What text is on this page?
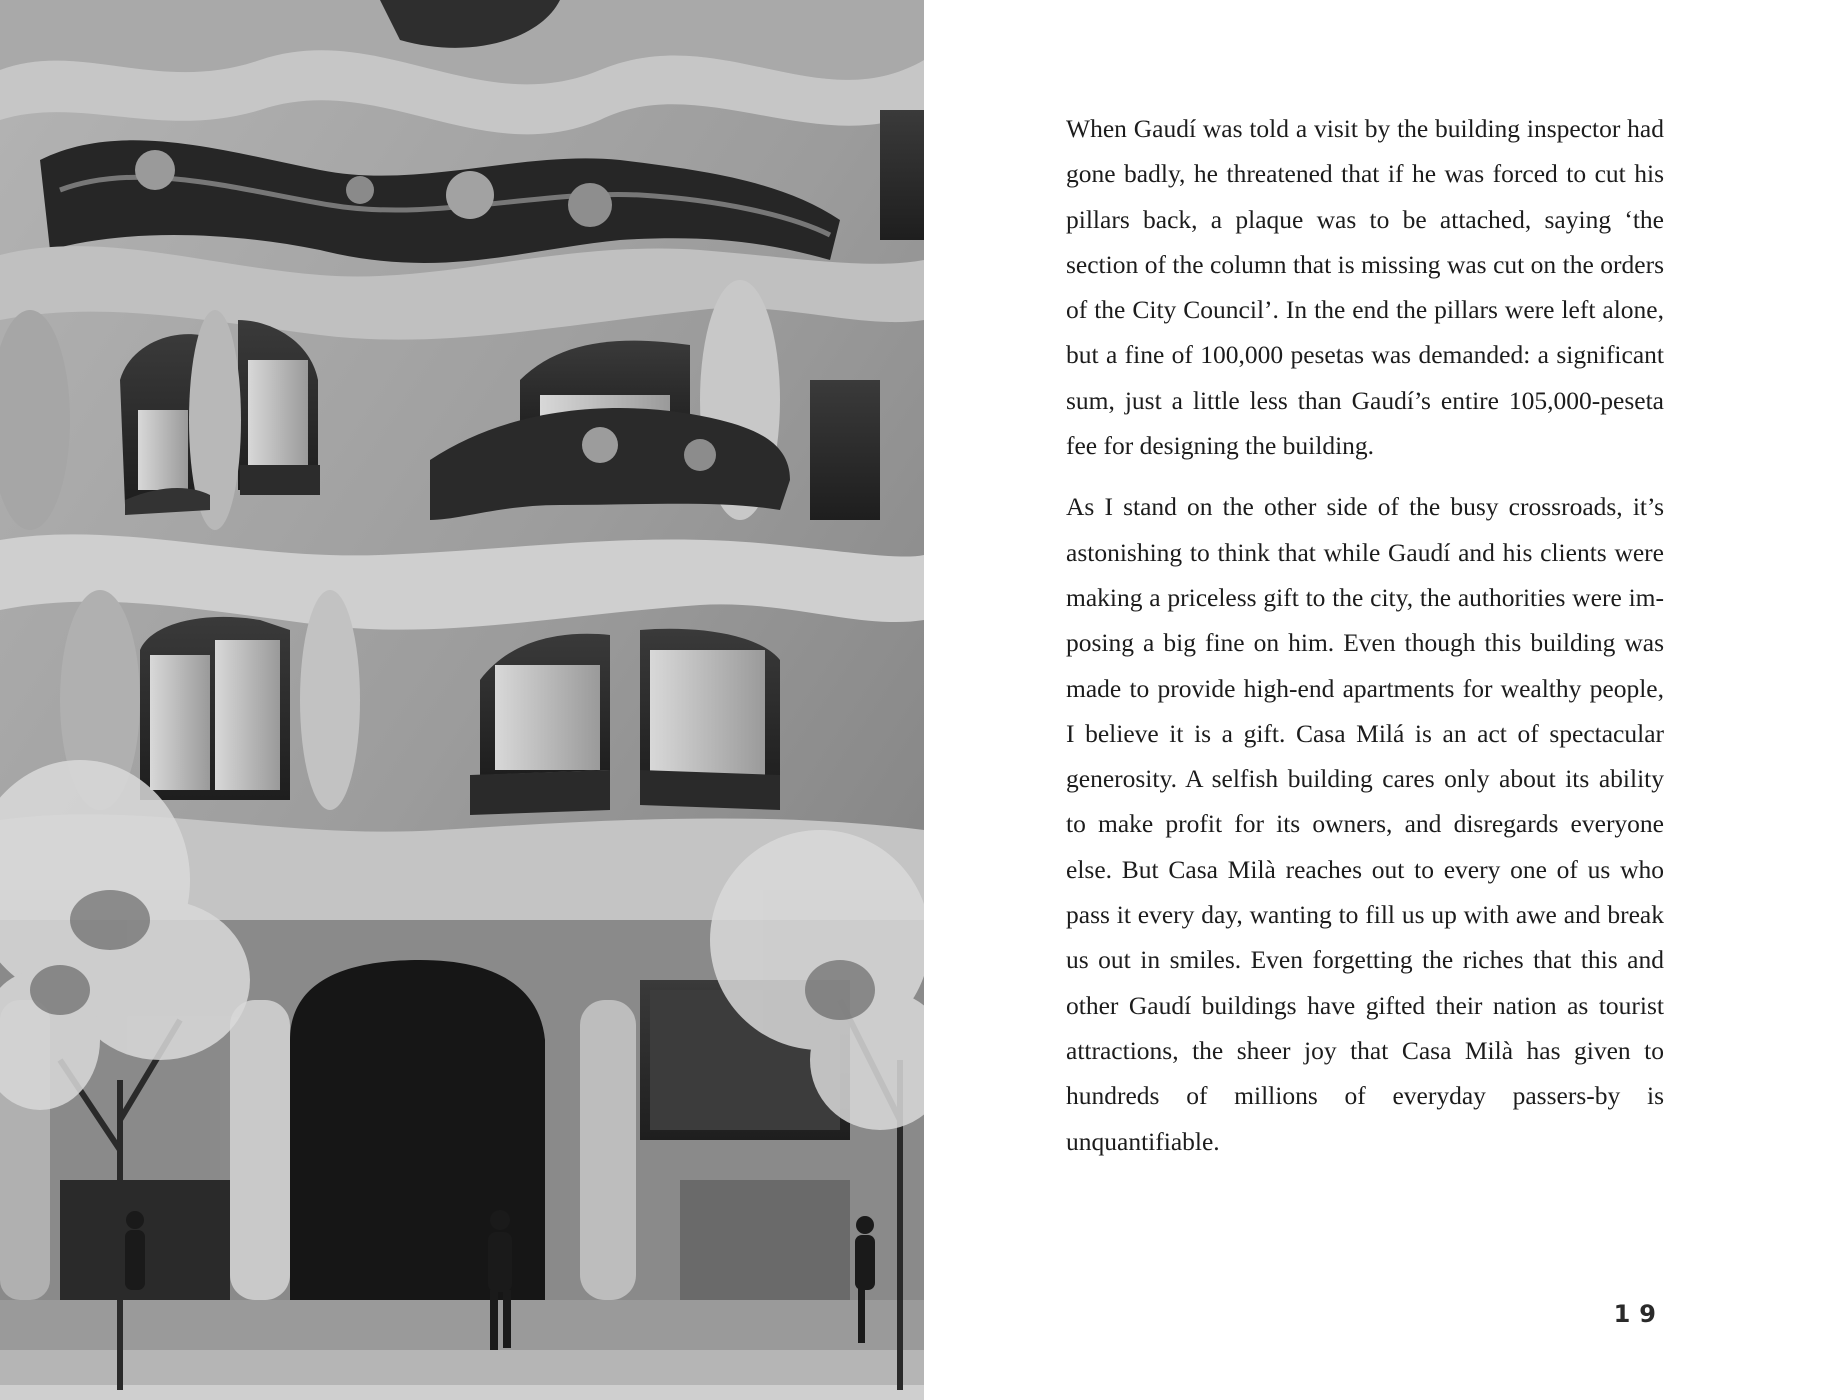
When Gaudí was told a visit by the building inspector had gone badly, he threatened that if he was forced to cut his pillars back, a plaque was to be attached, saying ‘the section of the column that is missing was cut on the orders of the City Council’. In the end the pillars were left alone, but a fine of 100,000 pesetas was demanded: a significant sum, just a little less than Gaudí’s entire 105,000-peseta fee for designing the building.

As I stand on the other side of the busy crossroads, it’s astonishing to think that while Gaudí and his clients were making a priceless gift to the city, the authorities were imposing a big fine on him. Even though this building was made to provide high-end apartments for wealthy people, I believe it is a gift. Casa Milá is an act of spectacular generosity. A selfish building cares only about its ability to make profit for its owners, and disregards everyone else. But Casa Milà reaches out to every one of us who pass it every day, wanting to fill us up with awe and break us out in smiles. Even forgetting the riches that this and other Gaudí buildings have gifted their nation as tourist attractions, the sheer joy that Casa Milà has given to hundreds of millions of everyday passers-by is unquantifiable.

19
